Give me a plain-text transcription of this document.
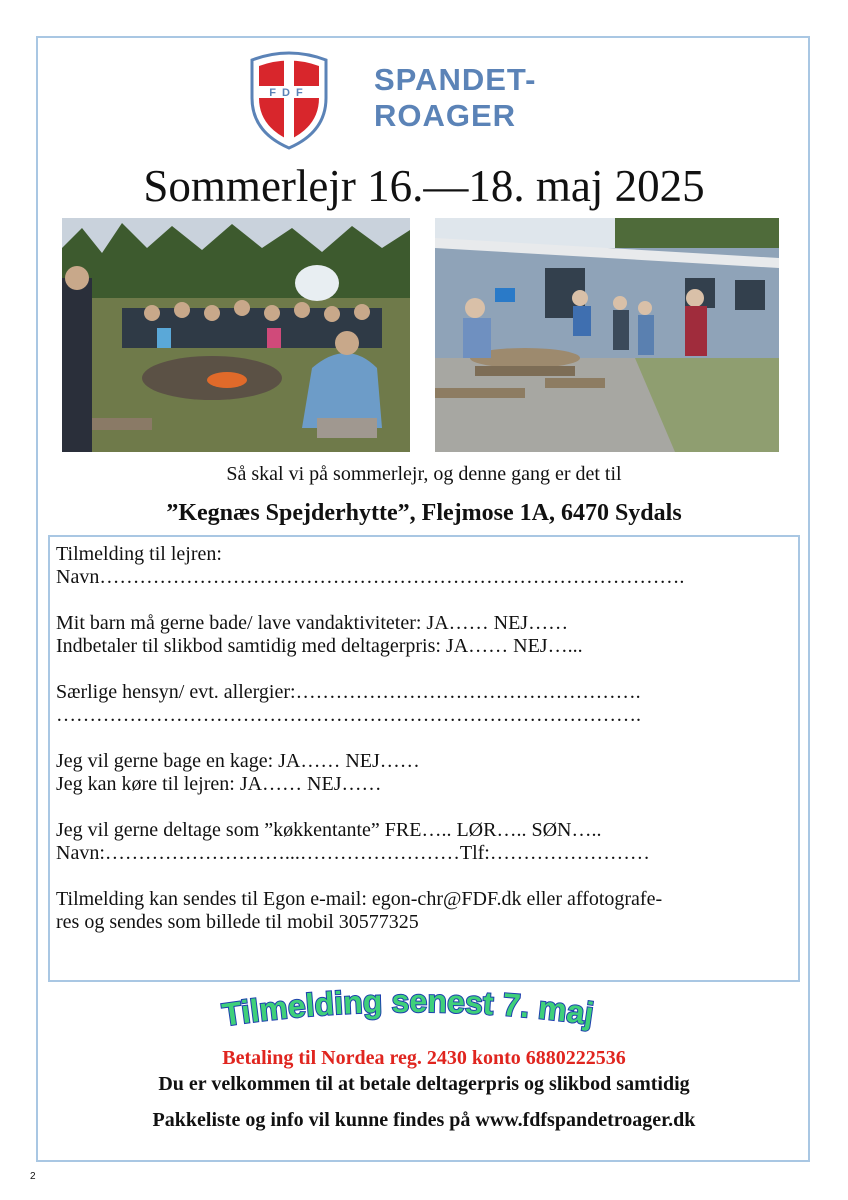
FDF SPANDET-
ROAGER
Sommerlejr 16.—18. maj 2025
Så skal vi på sommerlejr, og denne gang er det til
”Kegnæs Spejderhytte”, Flejmose 1A, 6470 Sydals
Tilmelding til lejren:
Navn…………………………………………………………………………….
Mit barn må gerne bade/ lave vandaktiviteter: JA…… NEJ……
Indbetaler til slikbod samtidig med deltagerpris: JA…… NEJ…...
Særlige hensyn/ evt. allergier:…………………………………………….
…………………………………………………………………………….
Jeg vil gerne bage en kage: JA…… NEJ……
Jeg kan køre til lejren: JA…… NEJ……
Jeg vil gerne deltage som ”køkkentante” FRE….. LØR….. SØN…..
Navn:………………………...……………………Tlf:……………………
Tilmelding kan sendes til Egon e-mail: egon-chr@FDF.dk eller affotografe-
res og sendes som billede til mobil 30577325
Tilmelding senest 7. maj
Betaling til Nordea reg. 2430 konto 6880222536
Du er velkommen til at betale deltagerpris og slikbod samtidig
Pakkeliste og info vil kunne findes på www.fdfspandetroager.dk
2
